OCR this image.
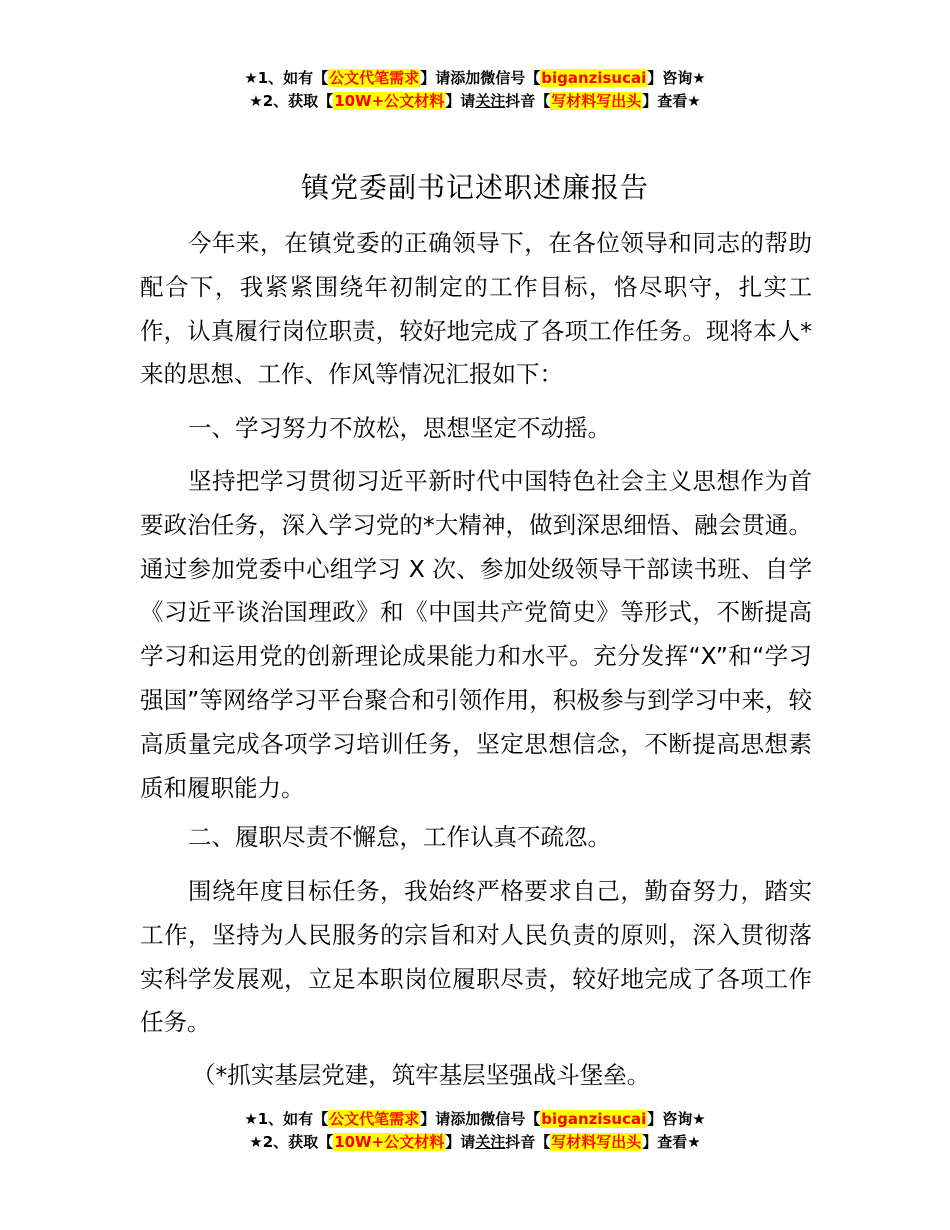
★1、如有【公文代笔需求】请添加微信号【biganzisucai】咨询★
★2、获取【10W+公文材料】请关注抖音【写材料写出头】查看★
镇党委副书记述职述廉报告

今年来，在镇党委的正确领导下，在各位领导和同志的帮助配合下，我紧紧围绕年初制定的工作目标，恪尽职守，扎实工作，认真履行岗位职责，较好地完成了各项工作任务。现将本人*来的思想、工作、作风等情况汇报如下：

一、学习努力不放松，思想坚定不动摇。

坚持把学习贯彻习近平新时代中国特色社会主义思想作为首要政治任务，深入学习党的*大精神，做到深思细悟、融会贯通。通过参加党委中心组学习 X 次、参加处级领导干部读书班、自学《习近平谈治国理政》和《中国共产党简史》等形式，不断提高学习和运用党的创新理论成果能力和水平。充分发挥“X”和“学习强国”等网络学习平台聚合和引领作用，积极参与到学习中来，较高质量完成各项学习培训任务，坚定思想信念，不断提高思想素质和履职能力。

二、履职尽责不懈怠，工作认真不疏忽。

围绕年度目标任务，我始终严格要求自己，勤奋努力，踏实工作，坚持为人民服务的宗旨和对人民负责的原则，深入贯彻落实科学发展观，立足本职岗位履职尽责，较好地完成了各项工作任务。

（*抓实基层党建，筑牢基层坚强战斗堡垒。

★1、如有【公文代笔需求】请添加微信号【biganzisucai】咨询★
★2、获取【10W+公文材料】请关注抖音【写材料写出头】查看★
